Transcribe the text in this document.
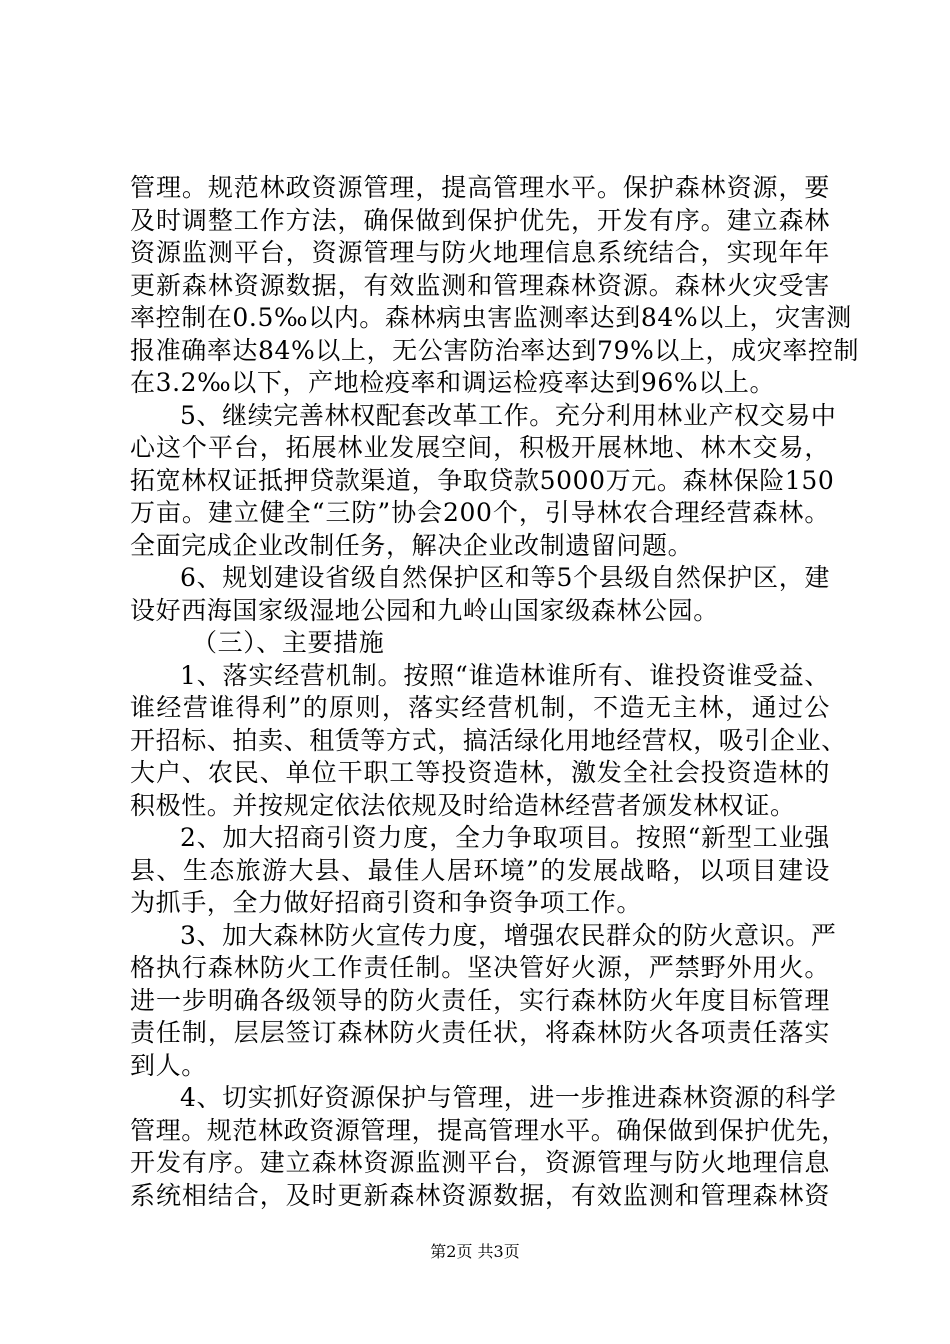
管理。规范林政资源管理，提高管理水平。保护森林资源，要
及时调整工作方法，确保做到保护优先，开发有序。建立森林
资源监测平台，资源管理与防火地理信息系统结合，实现年年
更新森林资源数据，有效监测和管理森林资源。森林火灾受害
率控制在0.5‰以内。森林病虫害监测率达到84%以上，灾害测
报准确率达84%以上，无公害防治率达到79%以上，成灾率控制
在3.2‰以下，产地检疫率和调运检疫率达到96%以上。
5、继续完善林权配套改革工作。充分利用林业产权交易中
心这个平台，拓展林业发展空间，积极开展林地、林木交易，
拓宽林权证抵押贷款渠道，争取贷款5000万元。森林保险150
万亩。建立健全“三防”协会200个，引导林农合理经营森林。
全面完成企业改制任务，解决企业改制遗留问题。
6、规划建设省级自然保护区和等5个县级自然保护区，建
设好西海国家级湿地公园和九岭山国家级森林公园。
（三）、主要措施
1、落实经营机制。按照“谁造林谁所有、谁投资谁受益、
谁经营谁得利”的原则，落实经营机制，不造无主林，通过公
开招标、拍卖、租赁等方式，搞活绿化用地经营权，吸引企业、
大户、农民、单位干职工等投资造林，激发全社会投资造林的
积极性。并按规定依法依规及时给造林经营者颁发林权证。
2、加大招商引资力度，全力争取项目。按照“新型工业强
县、生态旅游大县、最佳人居环境”的发展战略，以项目建设
为抓手，全力做好招商引资和争资争项工作。
3、加大森林防火宣传力度，增强农民群众的防火意识。严
格执行森林防火工作责任制。坚决管好火源，严禁野外用火。
进一步明确各级领导的防火责任，实行森林防火年度目标管理
责任制，层层签订森林防火责任状，将森林防火各项责任落实
到人。
4、切实抓好资源保护与管理，进一步推进森林资源的科学
管理。规范林政资源管理，提高管理水平。确保做到保护优先，
开发有序。建立森林资源监测平台，资源管理与防火地理信息
系统相结合，及时更新森林资源数据，有效监测和管理森林资
第2页 共3页
